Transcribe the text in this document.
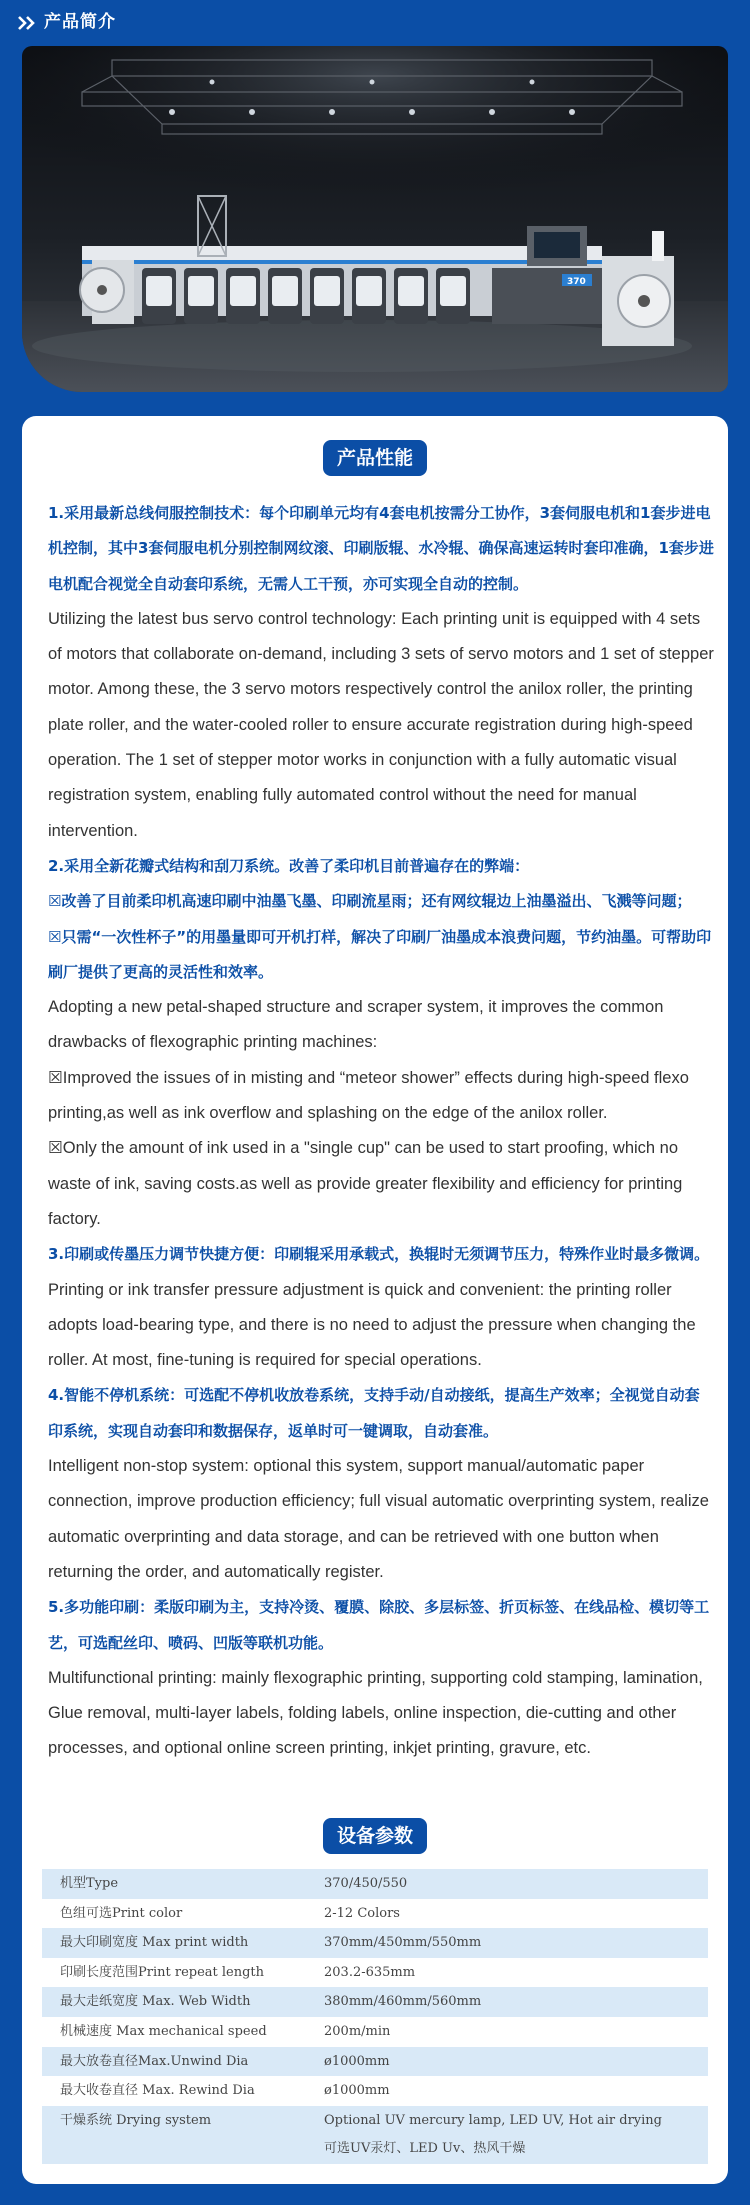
产品简介
370
产品性能

1.采用最新总线伺服控制技术：每个印刷单元均有4套电机按需分工协作，3套伺服电机和1套步进电机控制，其中3套伺服电机分别控制网纹滚、印刷版辊、水冷辊、确保高速运转时套印准确，1套步进电机配合视觉全自动套印系统，无需人工干预，亦可实现全自动的控制。

Utilizing the latest bus servo control technology: Each printing unit is equipped with 4 sets of motors that collaborate on-demand, including 3 sets of servo motors and 1 set of stepper motor. Among these, the 3 servo motors respectively control the anilox roller, the printing plate roller, and the water-cooled roller to ensure accurate registration during high-speed operation. The 1 set of stepper motor works in conjunction with a fully automatic visual registration system, enabling fully automated control without the need for manual intervention.

2.采用全新花瓣式结构和刮刀系统。改善了柔印机目前普遍存在的弊端：

☒改善了目前柔印机高速印刷中油墨飞墨、印刷流星雨；还有网纹辊边上油墨溢出、飞溅等问题；

☒只需“一次性杯子”的用墨量即可开机打样，解决了印刷厂油墨成本浪费问题，节约油墨。可帮助印刷厂提供了更高的灵活性和效率。

Adopting a new petal-shaped structure and scraper system, it improves the common drawbacks of flexographic printing machines:

☒Improved the issues of in misting and “meteor shower” effects during high-speed flexo printing,as well as ink overflow and splashing on the edge of the anilox roller.

☒Only the amount of ink used in a "single cup" can be used to start proofing, which no waste of ink, saving costs.as well as provide greater flexibility and efficiency for printing factory.

3.印刷或传墨压力调节快捷方便：印刷辊采用承载式，换辊时无须调节压力，特殊作业时最多微调。

Printing or ink transfer pressure adjustment is quick and convenient: the printing roller adopts load-bearing type, and there is no need to adjust the pressure when changing the roller. At most, fine-tuning is required for special operations.

4.智能不停机系统：可选配不停机收放卷系统，支持手动/自动接纸，提高生产效率；全视觉自动套印系统，实现自动套印和数据保存，返单时可一键调取，自动套准。

Intelligent non-stop system: optional this system, support manual/automatic paper connection, improve production efficiency; full visual automatic overprinting system, realize automatic overprinting and data storage, and can be retrieved with one button when returning the order, and automatically register.

5.多功能印刷：柔版印刷为主，支持冷烫、覆膜、除胶、多层标签、折页标签、在线品检、模切等工艺，可选配丝印、喷码、凹版等联机功能。

Multifunctional printing: mainly flexographic printing, supporting cold stamping, lamination, Glue removal, multi-layer labels, folding labels, online inspection, die-cutting and other processes, and optional online screen printing, inkjet printing, gravure, etc.

设备参数
机型Type	370/450/550
色组可选Print color	2-12 Colors
最大印刷宽度 Max print width	370mm/450mm/550mm
印刷长度范围Print repeat length	203.2-635mm
最大走纸宽度 Max. Web Width	380mm/460mm/560mm
机械速度 Max mechanical speed	200m/min
最大放卷直径Max.Unwind Dia	ø1000mm
最大收卷直径 Max. Rewind Dia	ø1000mm
干燥系统 Drying system	Optional UV mercury lamp, LED UV, Hot air drying
可选UV汞灯、LED Uv、热风干燥
